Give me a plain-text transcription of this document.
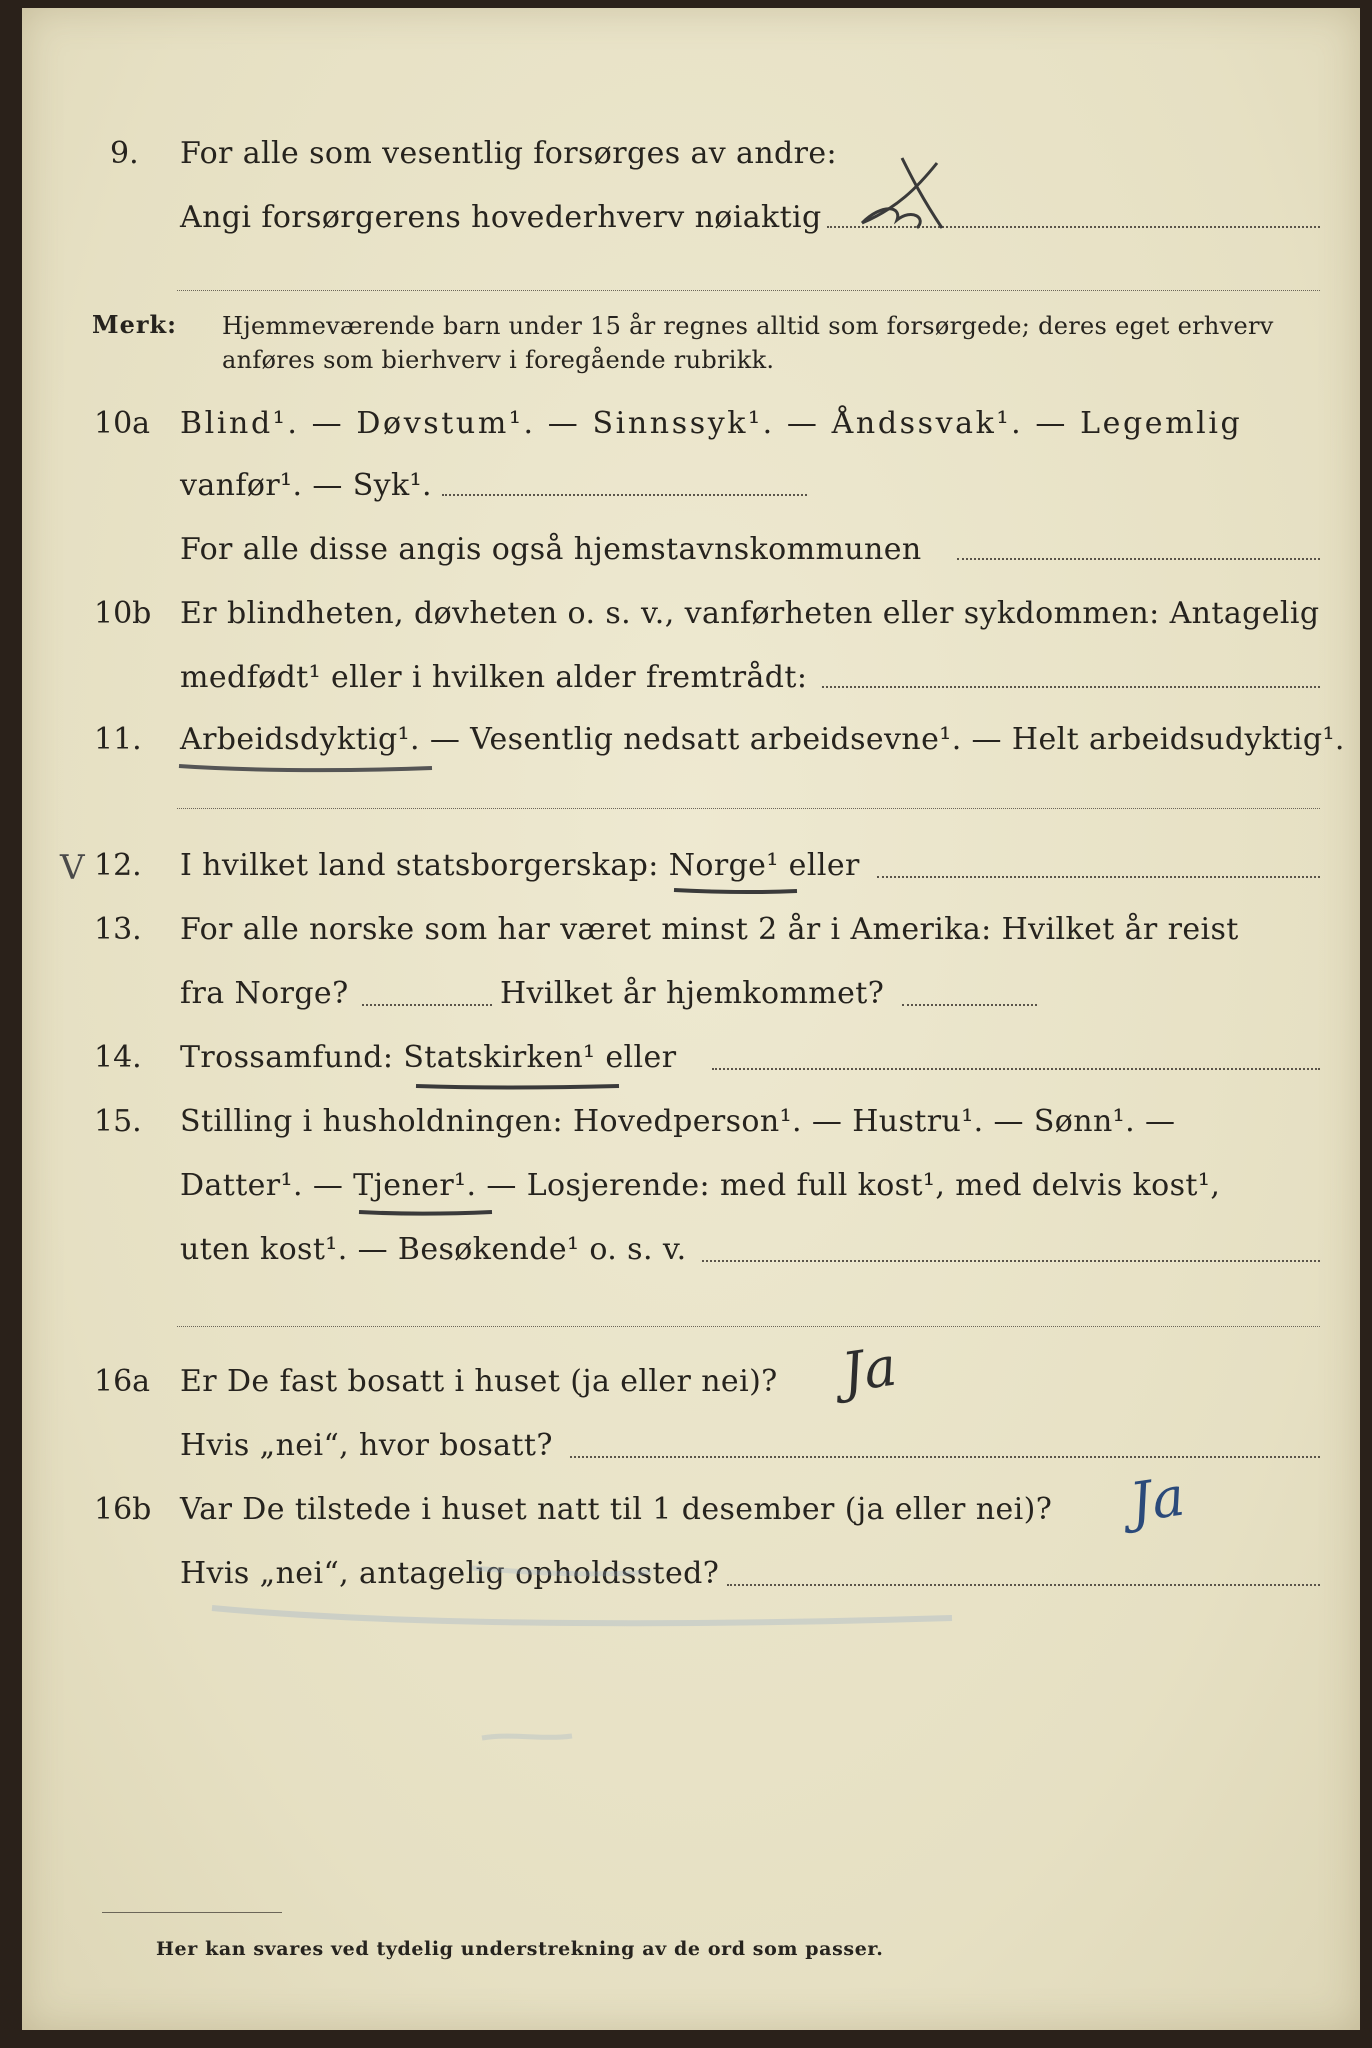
9. For alle som vesentlig forsørges av andre:
Angi forsørgerens hovederhverv nøiaktig
Merk: Hjemmeværende barn under 15 år regnes alltid som forsørgede; deres eget erhverv
anføres som bierhverv i foregående rubrikk.
10a Blind¹. — Døvstum¹. — Sinnssyk¹. — Åndssvak¹. — Legemlig
vanfør¹. — Syk¹.
For alle disse angis også hjemstavnskommunen
10b Er blindheten, døvheten o. s. v., vanførheten eller sykdommen: Antagelig
medfødt¹ eller i hvilken alder fremtrådt:
11. Arbeidsdyktig¹. — Vesentlig nedsatt arbeidsevne¹. — Helt arbeidsudyktig¹.
V 12. I hvilket land statsborgerskap: Norge¹ eller
13. For alle norske som har været minst 2 år i Amerika: Hvilket år reist
fra Norge?	Hvilket år hjemkommet?
14. Trossamfund: Statskirken¹ eller
15. Stilling i husholdningen: Hovedperson¹. — Hustru¹. — Sønn¹. —
Datter¹. — Tjener¹. — Losjerende: med full kost¹, med delvis kost¹,
uten kost¹. — Besøkende¹ o. s. v.
16a Er De fast bosatt i huset (ja eller nei)?
Hvis „nei“, hvor bosatt?
Ja
16b Var De tilstede i huset natt til 1 desember (ja eller nei)?
Hvis „nei“, antagelig opholdssted?
Ja
Her kan svares ved tydelig understrekning av de ord som passer.
